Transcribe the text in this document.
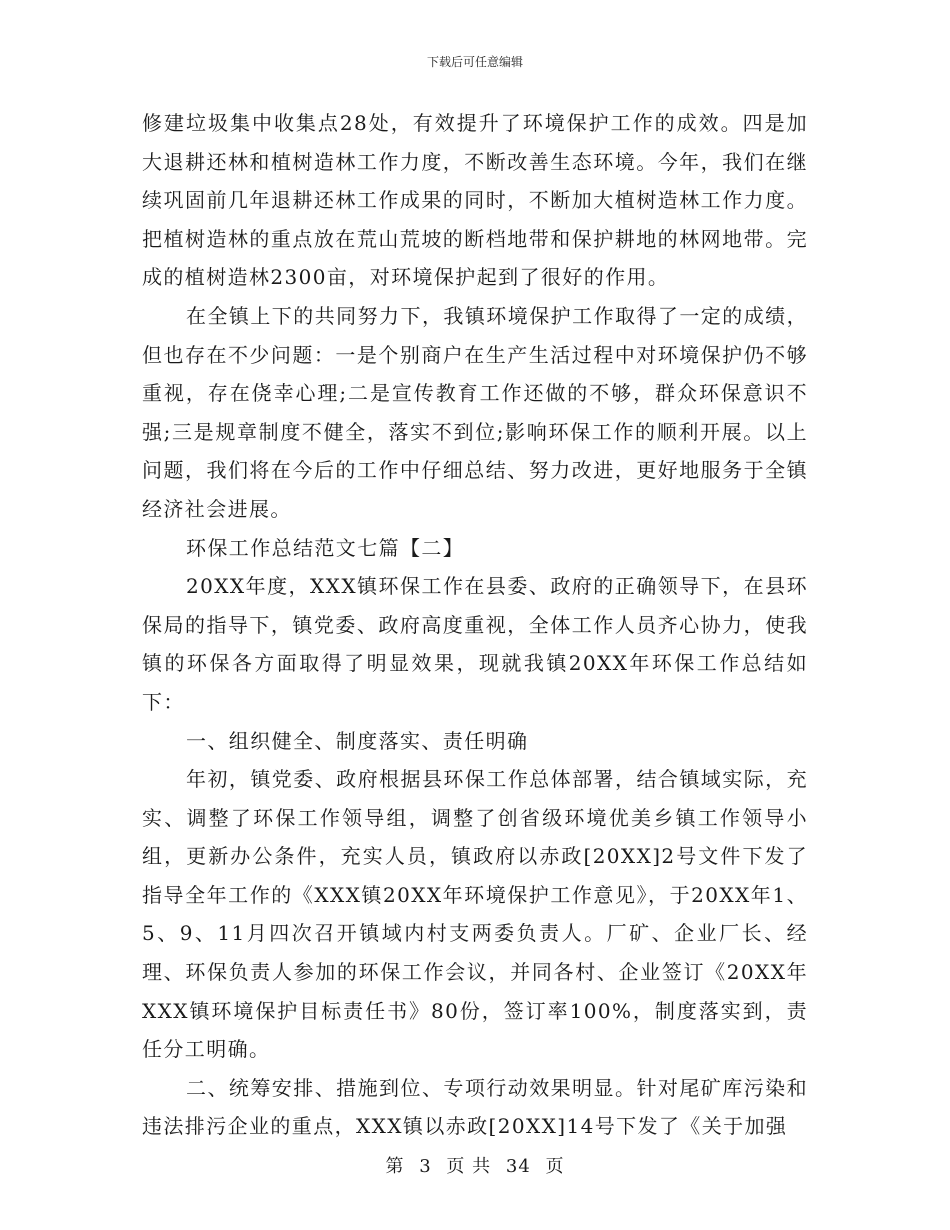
下载后可任意编辑

修建垃圾集中收集点28处，有效提升了环境保护工作的成效。四是加大退耕还林和植树造林工作力度，不断改善生态环境。今年，我们在继续巩固前几年退耕还林工作成果的同时，不断加大植树造林工作力度。把植树造林的重点放在荒山荒坡的断档地带和保护耕地的林网地带。完成的植树造林2300亩，对环境保护起到了很好的作用。

在全镇上下的共同努力下，我镇环境保护工作取得了一定的成绩，但也存在不少问题：一是个别商户在生产生活过程中对环境保护仍不够重视，存在侥幸心理;二是宣传教育工作还做的不够，群众环保意识不强;三是规章制度不健全，落实不到位;影响环保工作的顺利开展。以上问题，我们将在今后的工作中仔细总结、努力改进，更好地服务于全镇经济社会进展。

环保工作总结范文七篇【二】

20XX年度，XXX镇环保工作在县委、政府的正确领导下，在县环保局的指导下，镇党委、政府高度重视，全体工作人员齐心协力，使我镇的环保各方面取得了明显效果，现就我镇20XX年环保工作总结如下：

一、组织健全、制度落实、责任明确

年初，镇党委、政府根据县环保工作总体部署，结合镇域实际，充实、调整了环保工作领导组，调整了创省级环境优美乡镇工作领导小组，更新办公条件，充实人员，镇政府以赤政[20XX]2号文件下发了指导全年工作的《XXX镇20XX年环境保护工作意见》，于20XX年1、5、9、11月四次召开镇域内村支两委负责人。厂矿、企业厂长、经理、环保负责人参加的环保工作会议，并同各村、企业签订《20XX年XXX镇环境保护目标责任书》80份，签订率100%，制度落实到，责任分工明确。

二、统筹安排、措施到位、专项行动效果明显。针对尾矿库污染和违法排污企业的重点，XXX镇以赤政[20XX]14号下发了《关于加强

第 3 页 共 34 页
